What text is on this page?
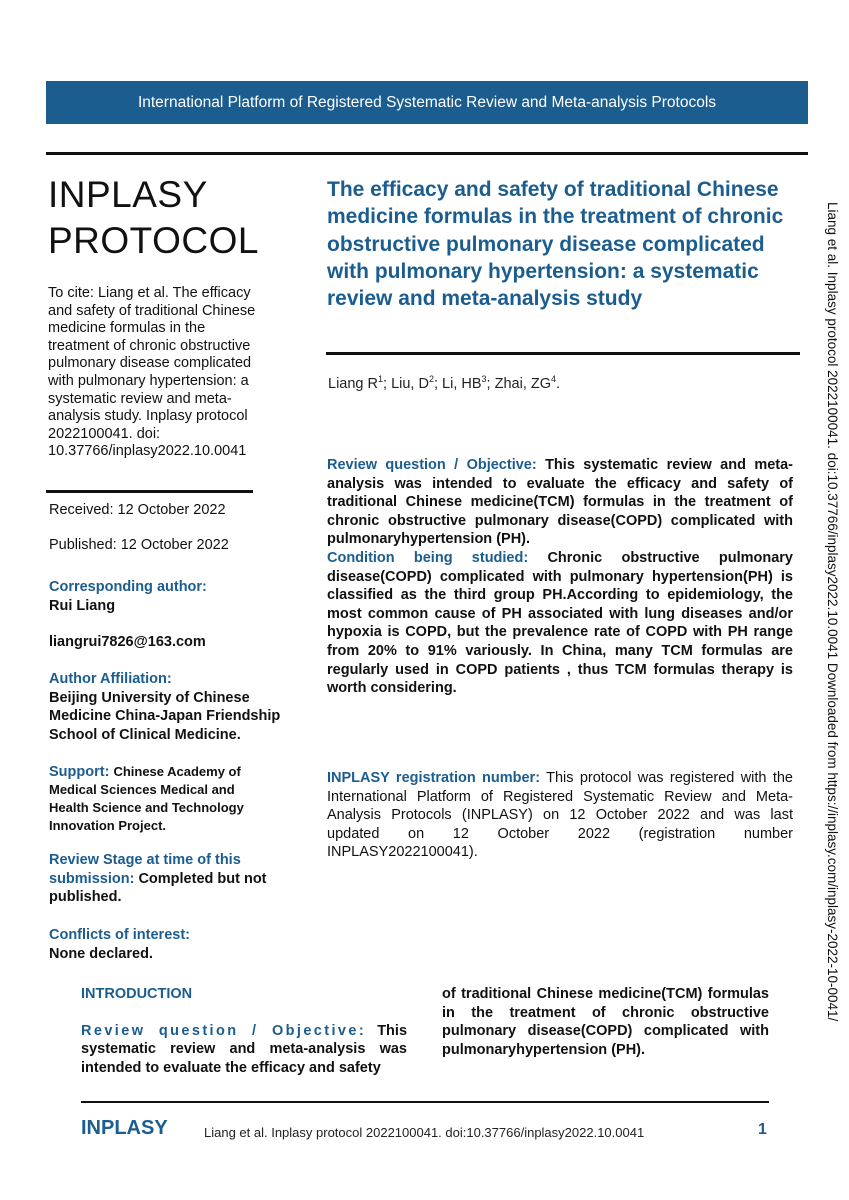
International Platform of Registered Systematic Review and Meta-analysis Protocols
INPLASY
PROTOCOL
To cite: Liang et al. The efficacy and safety of traditional Chinese medicine formulas in the treatment of chronic obstructive pulmonary disease complicated with pulmonary hypertension: a systematic review and meta-analysis study. Inplasy protocol 2022100041. doi: 10.37766/inplasy2022.10.0041
Received: 12 October 2022
Published: 12 October 2022
Corresponding author:
Rui Liang
liangrui7826@163.com
Author Affiliation:
Beijing University of Chinese Medicine China-Japan Friendship School of Clinical Medicine.
Support: Chinese Academy of Medical Sciences Medical and Health Science and Technology Innovation Project.
Review Stage at time of this submission: Completed but not published.
Conflicts of interest:
None declared.
The efficacy and safety of traditional Chinese medicine formulas in the treatment of chronic obstructive pulmonary disease complicated with pulmonary hypertension: a systematic review and meta-analysis study
Liang $R^1$; Liu, $D^2$; Li, $HB^3$; Zhai, $ZG^4$.
Review question / Objective: This systematic review and meta-analysis was intended to evaluate the efficacy and safety of traditional Chinese medicine(TCM) formulas in the treatment of chronic obstructive pulmonary disease(COPD) complicated with pulmonaryhypertension (PH).
Condition being studied: Chronic obstructive pulmonary disease(COPD) complicated with pulmonary hypertension(PH) is classified as the third group PH.According to epidemiology, the most common cause of PH associated with lung diseases and/or hypoxia is COPD, but the prevalence rate of COPD with PH range from 20% to 91% variously. In China, many TCM formulas are regularly used in COPD patients , thus TCM formulas therapy is worth considering.
INPLASY registration number: This protocol was registered with the International Platform of Registered Systematic Review and Meta-Analysis Protocols (INPLASY) on 12 October 2022 and was last updated on 12 October 2022 (registration number INPLASY2022100041).	Liang et al. Inplasy protocol 2022100041. doi:10.37766/inplasy2022.10.0041 Downloaded from https://inplasy.com/inplasy-2022-10-0041/
INTRODUCTION
Review question / Objective: This systematic review and meta-analysis was intended to evaluate the efficacy and safety
of traditional Chinese medicine(TCM) formulas in the treatment of chronic obstructive pulmonary disease(COPD) complicated with pulmonaryhypertension (PH).
INPLASY	Liang et al. Inplasy protocol 2022100041. doi:10.37766/inplasy2022.10.0041	1
